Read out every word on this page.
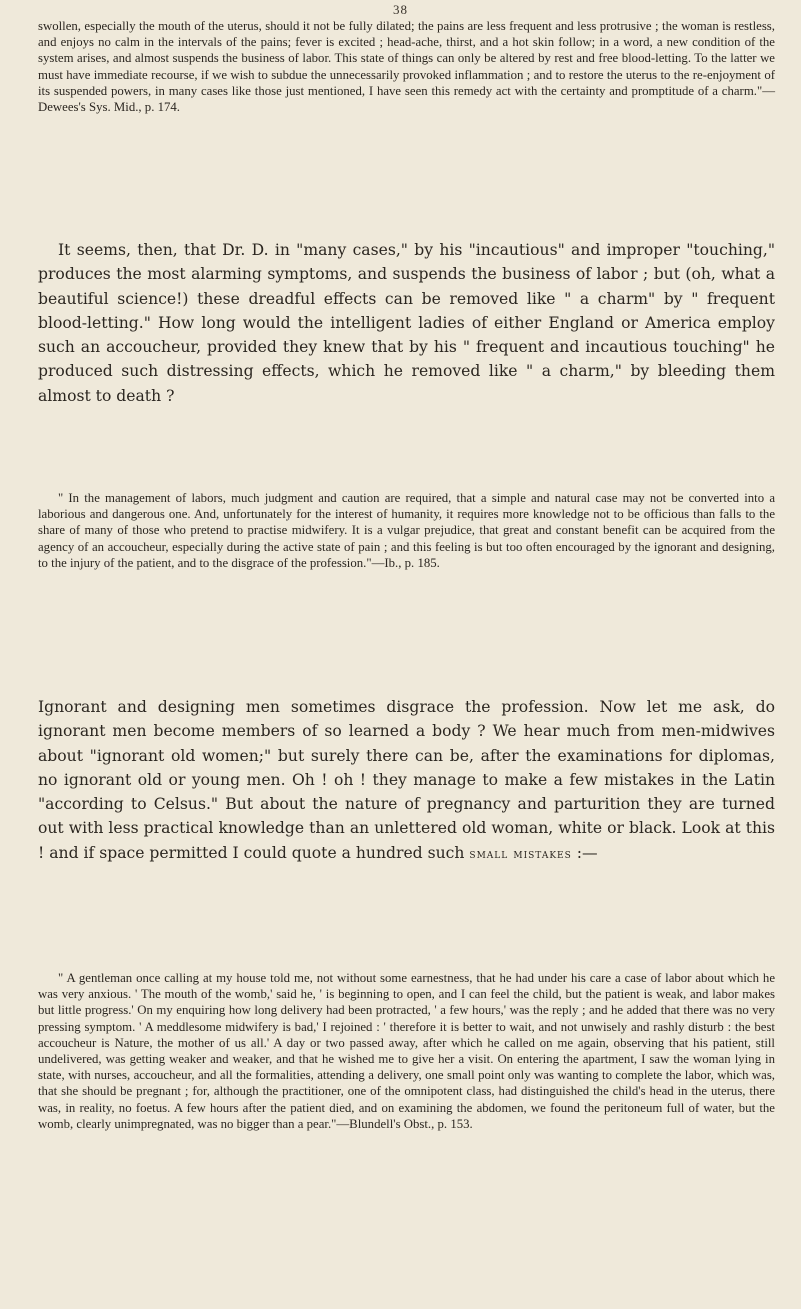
38

swollen, especially the mouth of the uterus, should it not be fully dilated; the pains are less frequent and less protrusive ; the woman is restless, and enjoys no calm in the intervals of the pains; fever is excited ; head-ache, thirst, and a hot skin follow; in a word, a new condition of the system arises, and almost suspends the business of labor. This state of things can only be altered by rest and free blood-letting. To the latter we must have immediate recourse, if we wish to subdue the unnecessarily provoked inflammation ; and to restore the uterus to the re-enjoyment of its suspended powers, in many cases like those just mentioned, I have seen this remedy act with the certainty and promptitude of a charm."—Dewees's Sys. Mid., p. 174.

It seems, then, that Dr. D. in "many cases," by his "incautious" and improper "touching," produces the most alarming symptoms, and suspends the business of labor ; but (oh, what a beautiful science!) these dreadful effects can be removed like " a charm" by " frequent blood-letting." How long would the intelligent ladies of either England or America employ such an accoucheur, provided they knew that by his " frequent and incautious touching" he produced such distressing effects, which he removed like " a charm," by bleeding them almost to death ?

" In the management of labors, much judgment and caution are required, that a simple and natural case may not be converted into a laborious and dangerous one. And, unfortunately for the interest of humanity, it requires more knowledge not to be officious than falls to the share of many of those who pretend to practise midwifery. It is a vulgar prejudice, that great and constant benefit can be acquired from the agency of an accoucheur, especially during the active state of pain ; and this feeling is but too often encouraged by the ignorant and designing, to the injury of the patient, and to the disgrace of the profession."—Ib., p. 185.

Ignorant and designing men sometimes disgrace the profession. Now let me ask, do ignorant men become members of so learned a body ? We hear much from men-midwives about "ignorant old women;" but surely there can be, after the examinations for diplomas, no ignorant old or young men. Oh ! oh ! they manage to make a few mistakes in the Latin "according to Celsus." But about the nature of pregnancy and parturition they are turned out with less practical knowledge than an unlettered old woman, white or black. Look at this ! and if space permitted I could quote a hundred such small mistakes :—

" A gentleman once calling at my house told me, not without some earnestness, that he had under his care a case of labor about which he was very anxious. ' The mouth of the womb,' said he, ' is beginning to open, and I can feel the child, but the patient is weak, and labor makes but little progress.' On my enquiring how long delivery had been protracted, ' a few hours,' was the reply ; and he added that there was no very pressing symptom. ' A meddlesome midwifery is bad,' I rejoined : ' therefore it is better to wait, and not unwisely and rashly disturb : the best accoucheur is Nature, the mother of us all.' A day or two passed away, after which he called on me again, observing that his patient, still undelivered, was getting weaker and weaker, and that he wished me to give her a visit. On entering the apartment, I saw the woman lying in state, with nurses, accoucheur, and all the formalities, attending a delivery, one small point only was wanting to complete the labor, which was, that she should be pregnant ; for, although the practitioner, one of the omnipotent class, had distinguished the child's head in the uterus, there was, in reality, no foetus. A few hours after the patient died, and on examining the abdomen, we found the peritoneum full of water, but the womb, clearly unimpregnated, was no bigger than a pear."—Blundell's Obst., p. 153.
